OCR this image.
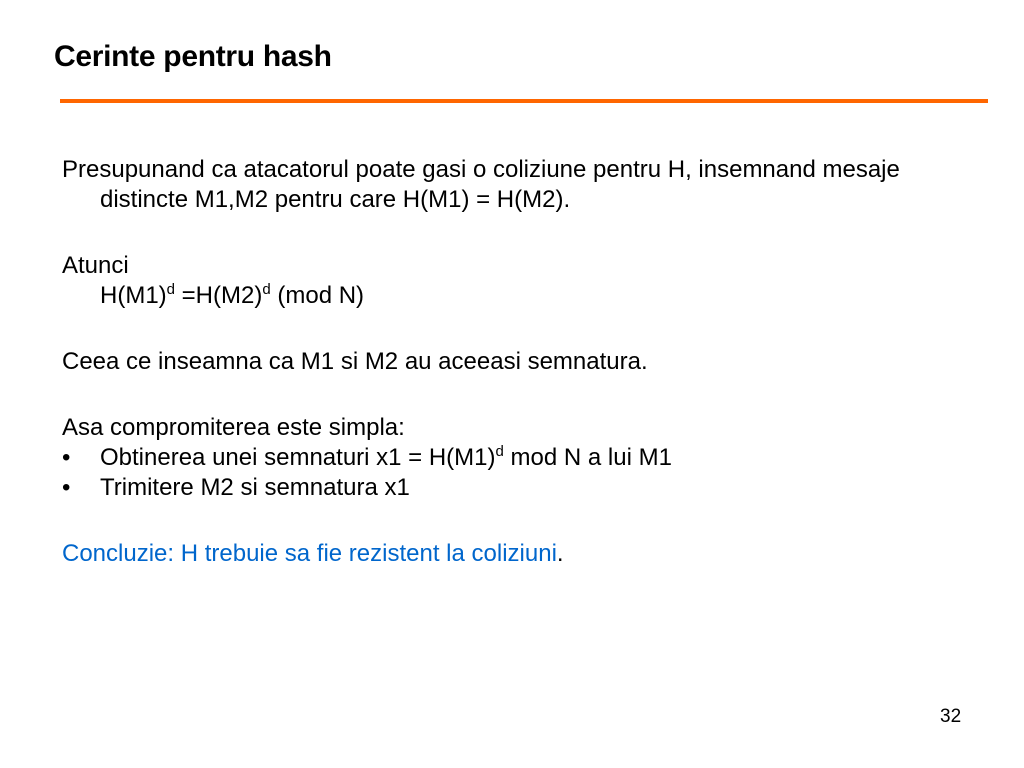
Cerinte pentru hash

Presupunand ca atacatorul poate gasi o coliziune pentru H, insemnand mesaje distincte M1,M2 pentru care H(M1) = H(M2).

Atunci

$H(M1)^d =H(M2)^d$ (mod N)

Ceea ce inseamna ca M1 si M2 au aceeasi semnatura.

Asa compromiterea este simpla:

•	Obtinerea unei semnaturi $x1 = H(M1)^d$ mod N a lui M1
•	Trimitere M2 si semnatura x1

Concluzie: H trebuie sa fie rezistent la coliziuni.

32
